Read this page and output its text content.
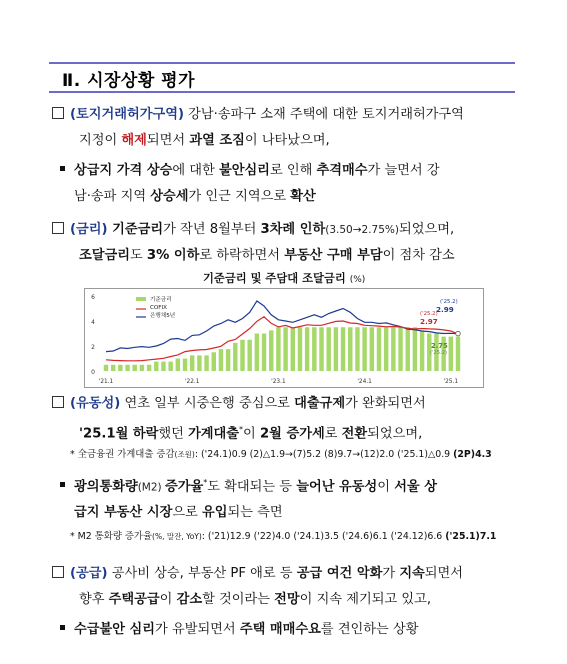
Ⅱ. 시장상황 평가
(토지거래허가구역) 강남·송파구 소재 주택에 대한 토지거래허가구역
지정이 해제되면서 과열 조짐이 나타났으며,
상급지 가격 상승에 대한 불안심리로 인해 추격매수가 늘면서 강
남·송파 지역 상승세가 인근 지역으로 확산
(금리) 기준금리가 작년 8월부터 3차례 인하(3.50→2.75%)되었으며,
조달금리도 3% 이하로 하락하면서 부동산 구매 부담이 점차 감소
기준금리 및 주담대 조달금리 (%)
0
2
4
6
'21.1	'22.1	'23.1	'24.1	'25.1
기준금리
COFIX
은행채5년
('25.2)
2.99
('25.2)
2.97
2.75
('25.2)
(유동성) 연초 일부 시중은행 중심으로 대출규제가 완화되면서
'25.1월 하락했던 가계대출*이 2월 증가세로 전환되었으며,
* 全금융권 가계대출 증감(조원): ('24.1)0.9 (2)△1.9→(7)5.2 (8)9.7→(12)2.0 ('25.1)△0.9 (2P)4.3
광의통화량(M2) 증가율*도 확대되는 등 늘어난 유동성이 서울 상
급지 부동산 시장으로 유입되는 측면
* M2 통화량 증가율(%, 말잔, YoY): ('21)12.9 ('22)4.0 ('24.1)3.5 ('24.6)6.1 ('24.12)6.6 ('25.1)7.1
(공급) 공사비 상승, 부동산 PF 애로 등 공급 여건 악화가 지속되면서
향후 주택공급이 감소할 것이라는 전망이 지속 제기되고 있고,
수급불안 심리가 유발되면서 주택 매매수요를 견인하는 상황
